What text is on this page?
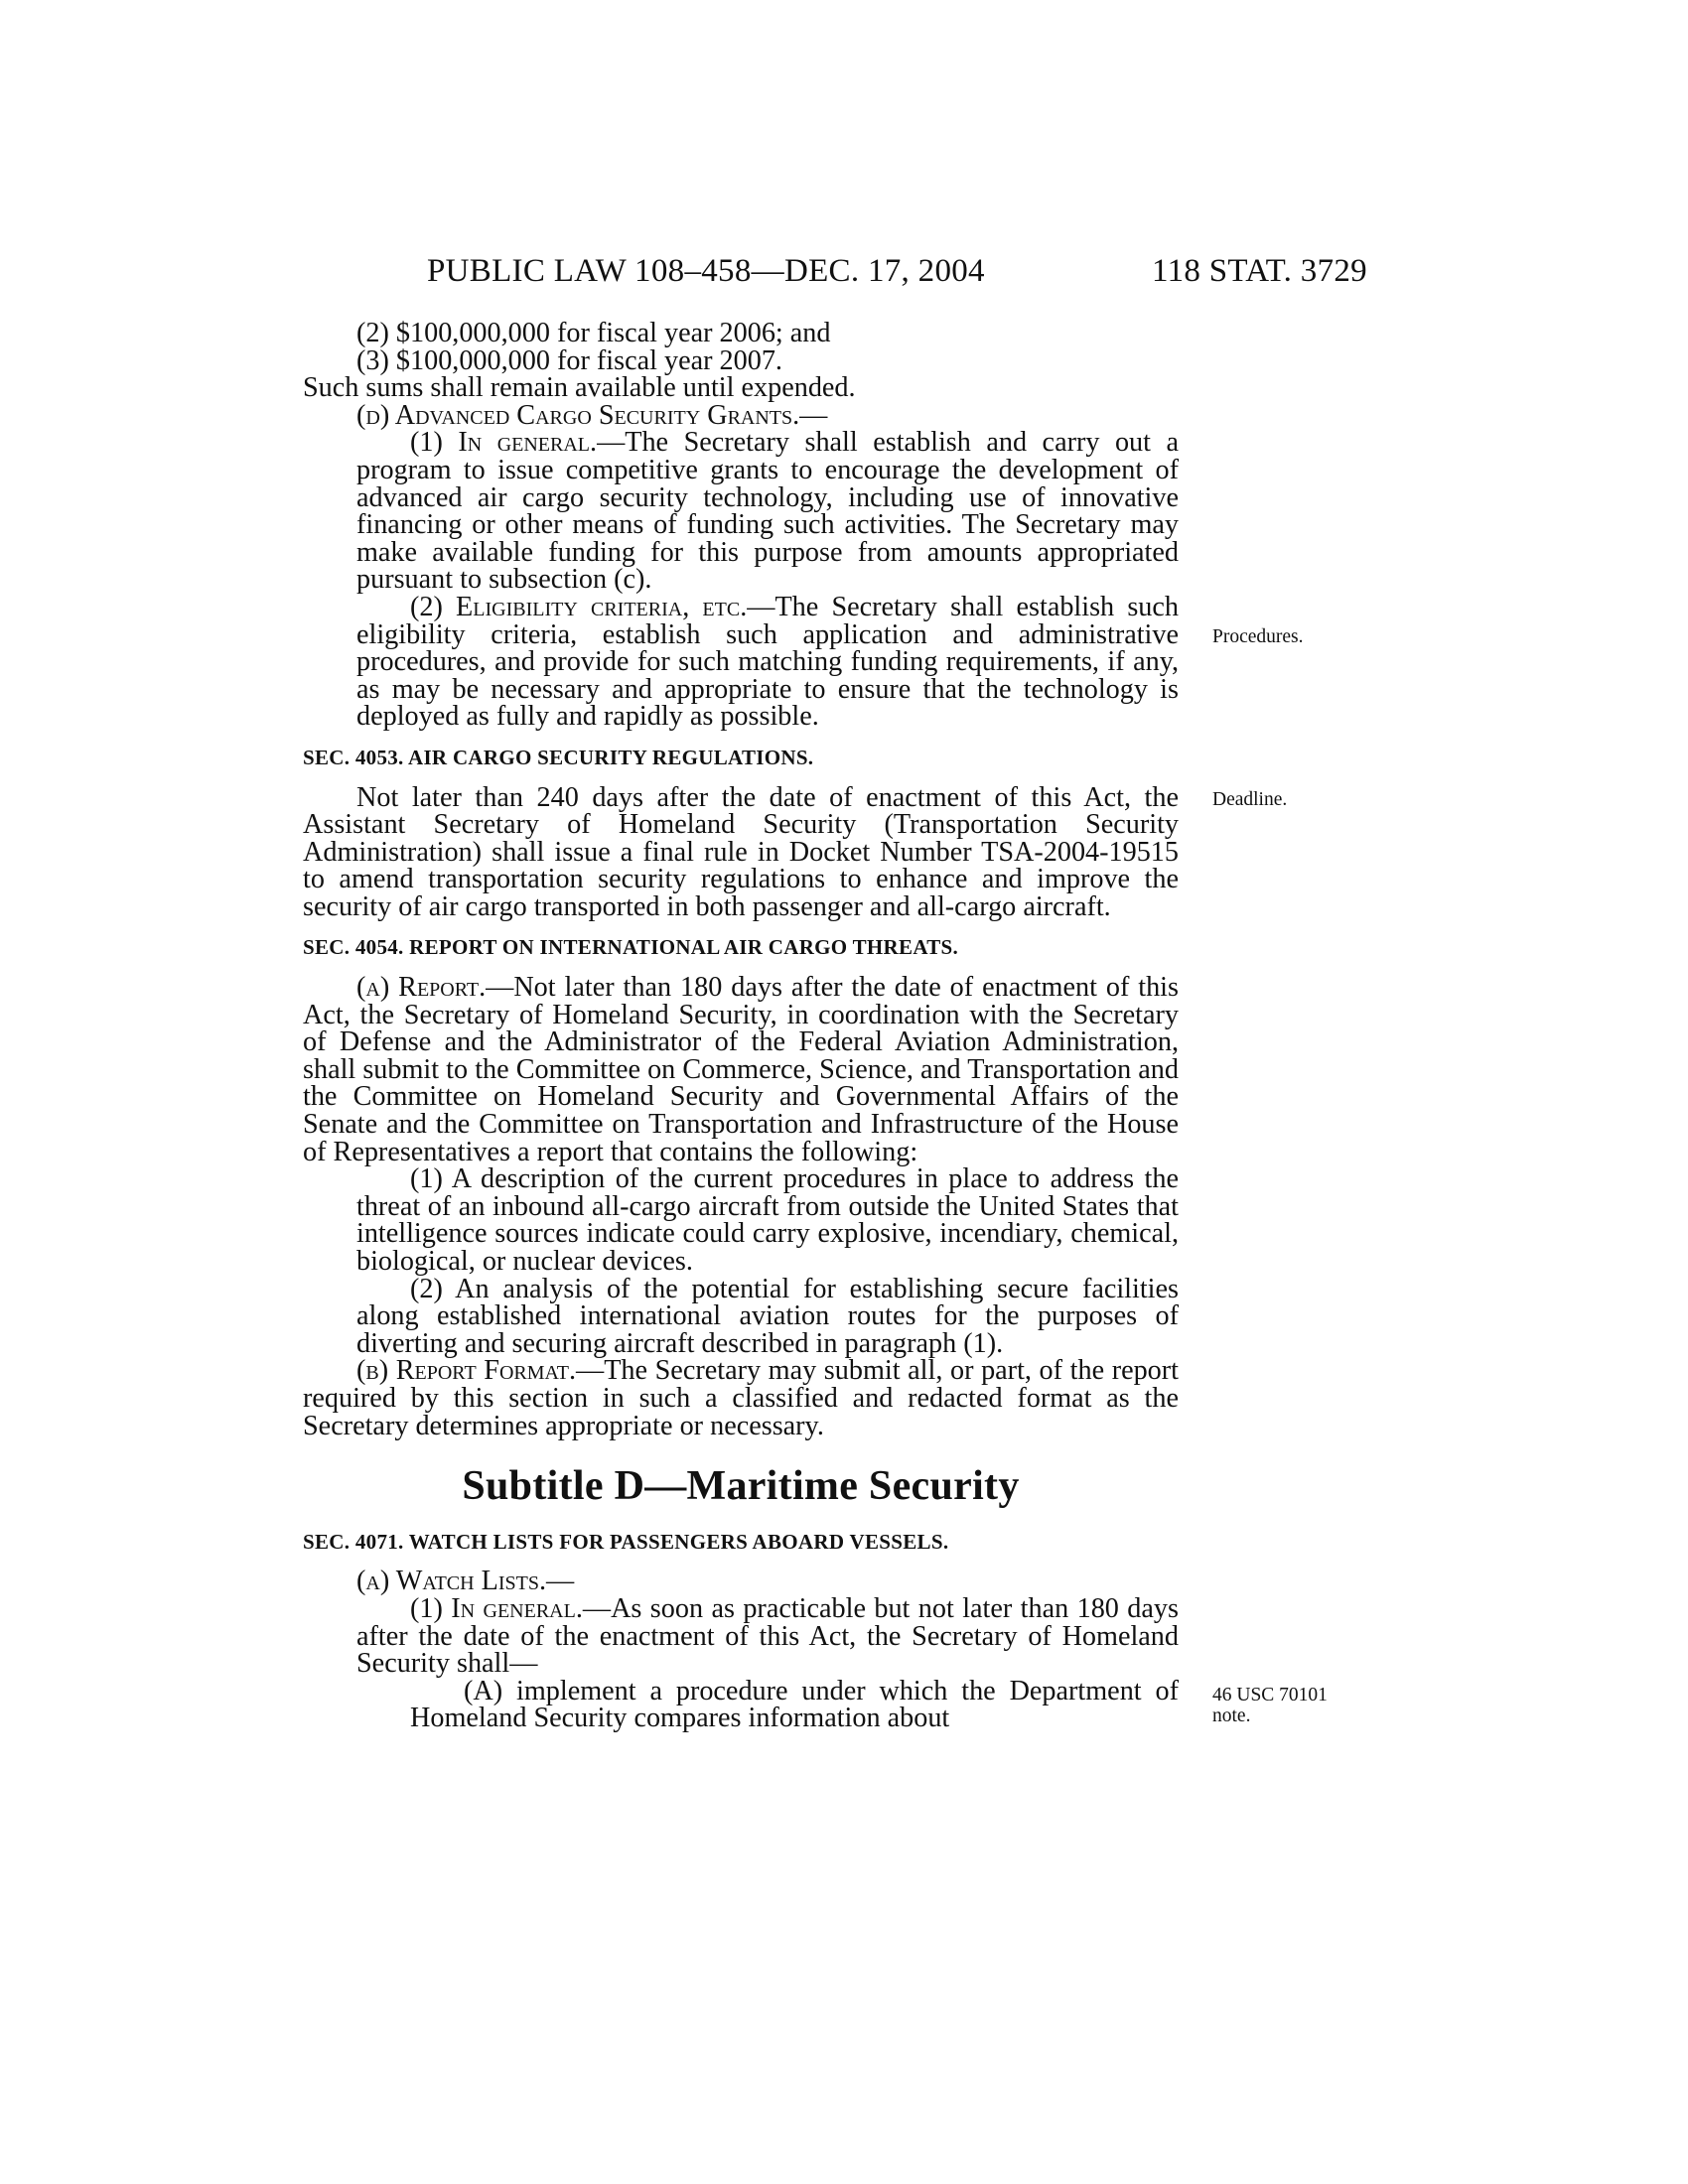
PUBLIC LAW 108–458—DEC. 17, 2004	118 STAT. 3729

(2) $100,000,000 for fiscal year 2006; and

(3) $100,000,000 for fiscal year 2007.

Such sums shall remain available until expended.

(d) Advanced Cargo Security Grants.—

(1) In general.—The Secretary shall establish and carry out a program to issue competitive grants to encourage the development of advanced air cargo security technology, including use of innovative financing or other means of funding such activities. The Secretary may make available funding for this purpose from amounts appropriated pursuant to subsection (c).

(2) Eligibility criteria, etc.—The Secretary shall establish such eligibility criteria, establish such application and administrative procedures, and provide for such matching funding requirements, if any, as may be necessary and appropriate to ensure that the technology is deployed as fully and rapidly as possible.

SEC. 4053. AIR CARGO SECURITY REGULATIONS.

Not later than 240 days after the date of enactment of this Act, the Assistant Secretary of Homeland Security (Transportation Security Administration) shall issue a final rule in Docket Number TSA-2004-19515 to amend transportation security regulations to enhance and improve the security of air cargo transported in both passenger and all-cargo aircraft.

SEC. 4054. REPORT ON INTERNATIONAL AIR CARGO THREATS.

(a) Report.—Not later than 180 days after the date of enactment of this Act, the Secretary of Homeland Security, in coordination with the Secretary of Defense and the Administrator of the Federal Aviation Administration, shall submit to the Committee on Commerce, Science, and Transportation and the Committee on Homeland Security and Governmental Affairs of the Senate and the Committee on Transportation and Infrastructure of the House of Representatives a report that contains the following:

(1) A description of the current procedures in place to address the threat of an inbound all-cargo aircraft from outside the United States that intelligence sources indicate could carry explosive, incendiary, chemical, biological, or nuclear devices.

(2) An analysis of the potential for establishing secure facilities along established international aviation routes for the purposes of diverting and securing aircraft described in paragraph (1).

(b) Report Format.—The Secretary may submit all, or part, of the report required by this section in such a classified and redacted format as the Secretary determines appropriate or necessary.

Subtitle D—Maritime Security
SEC. 4071. WATCH LISTS FOR PASSENGERS ABOARD VESSELS.

(a) Watch Lists.—

(1) In general.—As soon as practicable but not later than 180 days after the date of the enactment of this Act, the Secretary of Homeland Security shall—

(A) implement a procedure under which the Department of Homeland Security compares information about

Procedures.
Deadline.
46 USC 70101
note.
